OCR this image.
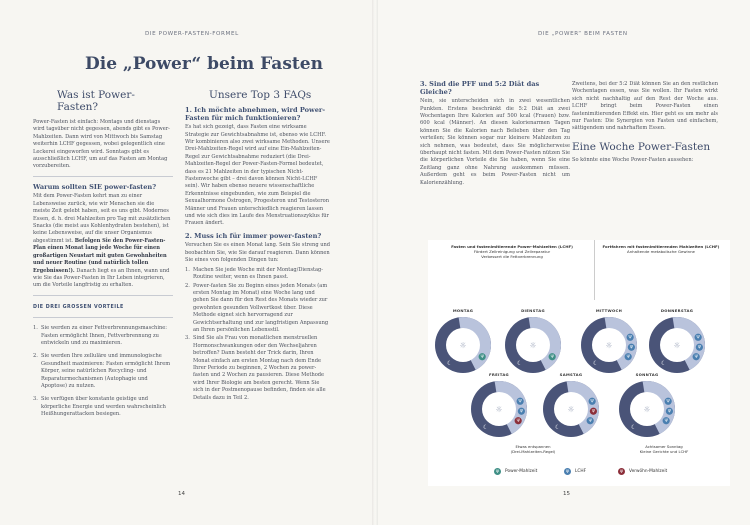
DIE POWER-FASTEN-FORMEL
Die „Power“ beim Fasten
Was ist Power-Fasten?

Power-Fasten ist einfach: Montags und dienstags wird tagsüber nicht gegessen, abends gibt es Power-Mahlzeiten. Dann wird von Mittwoch bis Samstag weiterhin LCHF gegessen, wobei gelegentlich eine Leckerei eingeworfen wird. Sonntags gibt es ausschließlich LCHF, um auf das Fasten am Montag vorzubereiten.

Warum sollten SIE power-fasten?

Mit dem Power-Fasten kehrt man zu einer Lebensweise zurück, wie wir Menschen sie die meiste Zeit gelebt haben, seit es uns gibt. Modernes Essen, d. h. drei Mahlzeiten pro Tag mit zusätzlichen Snacks (die meist aus Kohlenhydraten bestehen), ist keine Lebensweise, auf die unser Organismus abgestimmt ist. Befolgen Sie den Power-Fasten-Plan einen Monat lang jede Woche für einen großartigen Neustart mit guten Gewohnheiten und neuer Routine (und natürlich tollen Ergebnissen!). Danach liegt es an Ihnen, wann und wie Sie das Power-Fasten in Ihr Leben integrieren, um die Vorteile langfristig zu erhalten.

DIE DREI GROSSEN VORTEILE
1. Sie werden zu einer Fettverbrennungsmaschine: Fasten ermöglicht Ihnen, Fettverbrennung zu entwickeln und zu maximieren.
2. Sie werden Ihre zelluläre und immunologische Gesundheit maximieren: Fasten ermöglicht Ihrem Körper, seine natürlichen Recycling- und Reparaturmechanismen (Autophagie und Apoptose) zu nutzen.
3. Sie verfügen über konstante geistige und körperliche Energie und werden wahrscheinlich Heißhungerattacken besiegen.
Unsere Top 3 FAQs
1. Ich möchte abnehmen, wird Power-Fasten für mich funktionieren?

Es hat sich gezeigt, dass Fasten eine wirksame Strategie zur Gewichtsabnahme ist, ebenso wie LCHF. Wir kombinieren also zwei wirksame Methoden. Unsere Drei-Mahlzeiten-Regel wird auf eine Ein-Mahlzeiten-Regel zur Gewichtsabnahme reduziert (die Drei-Mahlzeiten-Regel der Power-Fasten-Formel bedeutet, dass es 21 Mahlzeiten in der typischen Nicht-Fastenwoche gibt – drei davon können Nicht-LCHF sein). Wir haben ebenso neuere wissenschaftliche Erkenntnisse eingebunden, wie zum Beispiel die Sexualhormone Östrogen, Progesteron und Testosteron Männer und Frauen unterschiedlich reagieren lassen und wie sich dies im Laufe des Menstruationszyklus für Frauen ändert.

2. Muss ich für immer power-fasten?

Versuchen Sie es einen Monat lang. Sein Sie streng und beobachten Sie, wie Sie darauf reagieren. Dann können Sie eines von folgenden Dingen tun:

1. Machen Sie jede Woche mit der Montag/Dienstag-Routine weiter, wenn es Ihnen passt.
2. Power-fasten Sie zu Beginn eines jeden Monats (am ersten Montag im Monat) eine Woche lang und gehen Sie dann für den Rest des Monats wieder zur gewohnten gesunden Vollwertkost über. Diese Methode eignet sich hervorragend zur Gewichtserhaltung und zur langfristigen Anpassung an Ihren persönlichen Lebensstil.
3. Sind Sie als Frau von monatlichen menstruellen Hormonschwankungen oder den Wechseljahren betroffen? Dann besteht der Trick darin, Ihren Monat einfach am ersten Montag nach dem Ende Ihrer Periode zu beginnen, 2 Wochen zu power-fasten und 2 Wochen zu pausieren. Diese Methode wird Ihrer Biologie am besten gerecht. Wenn Sie sich in der Postmenopause befinden, finden sie alle Details dazu in Teil 2.
14
DIE „POWER“ BEIM FASTEN
3. Sind die PFF und 5:2 Diät das Gleiche?

Nein, sie unterscheiden sich in zwei wesentlichen Punkten. Erstens beschränkt die 5:2 Diät an zwei Wochentagen Ihre Kalorien auf 500 kcal (Frauen) bzw. 600 kcal (Männer). An diesen kalorienarmen Tagen können Sie die Kalorien nach Belieben über den Tag verteilen; Sie können sogar nur kleinere Mahlzeiten zu sich nehmen, was bedeutet, dass Sie möglicherweise überhaupt nicht fasten. Mit dem Power-Fasten nützen Sie die körperlichen Vorteile die Sie haben, wenn Sie eine Zeitlang ganz ohne Nahrung auskommen müssen. Außerdem geht es beim Power-Fasten nicht um Kalorienzählung.

Zweitens, bei der 5:2 Diät können Sie an den restlichen Wochentagen essen, was Sie wollen. Ihr Fasten wirkt sich nicht nachhaltig auf den Rest der Woche aus. LCHF bringt beim Power-Fasten einen fastenimitierenden Effekt ein. Hier geht es um mehr als nur Fasten: Die Synergien von Fasten und einfachem, sättigendem und nahrhaftem Essen.

Eine Woche Power-Fasten

So könnte eine Woche Power-Fasten aussehen:

15
Fasten und fastenimitierende Power-Mahlzeiten (LCHF)
Fördert Zellreinigung und Zellreparatur
Verbessert die Fettverbrennung
Fortfahren mit fastenimitierenden Mahlzeiten (LCHF)
Anhaltende metabolische Gewinne
MONTAG
☼
☾
Ψ
DIENSTAG
☼
☾
Ψ
MITTWOCH
☼
☾
Ψ
Ψ
Ψ
DONNERSTAG
☼
☾
Ψ
Ψ
Ψ
FREITAG
☼
☾
Ψ
Ψ
Ψ
SAMSTAG
☼
☾
Ψ
Ψ
Ψ
SONNTAG
☼
☾
Ψ
Ψ
Ψ
Etwas entspannen
(Drei-Mahlzeiten-Regel)
Achtsamer Sonntag
Kleine Gerichte und LCHF
Ψ	Power-Mahlzeit	Ψ	LCHF	Ψ	Verwöhn-Mahlzeit
